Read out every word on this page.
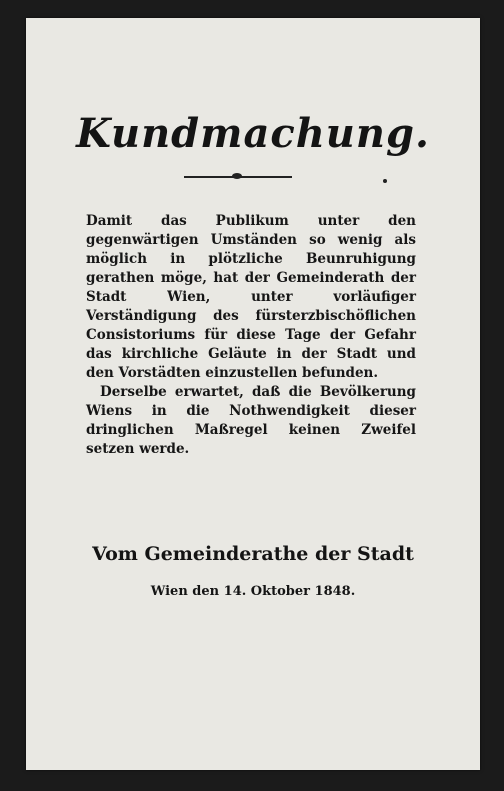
Kundmachung.

Damit das Publikum unter den gegenwärtigen Umständen so wenig als möglich in plötzliche Beunruhigung gerathen möge, hat der Gemeinderath der Stadt Wien, unter vorläufiger Verständigung des fürsterzbischöflichen Consistoriums für diese Tage der Gefahr das kirchliche Geläute in der Stadt und den Vorstädten einzustellen befunden.

Derselbe erwartet, daß die Bevölkerung Wiens in die Nothwendigkeit dieser dringlichen Maßregel keinen Zweifel setzen werde.

Vom Gemeinderathe der Stadt
Wien den 14. Oktober 1848.
